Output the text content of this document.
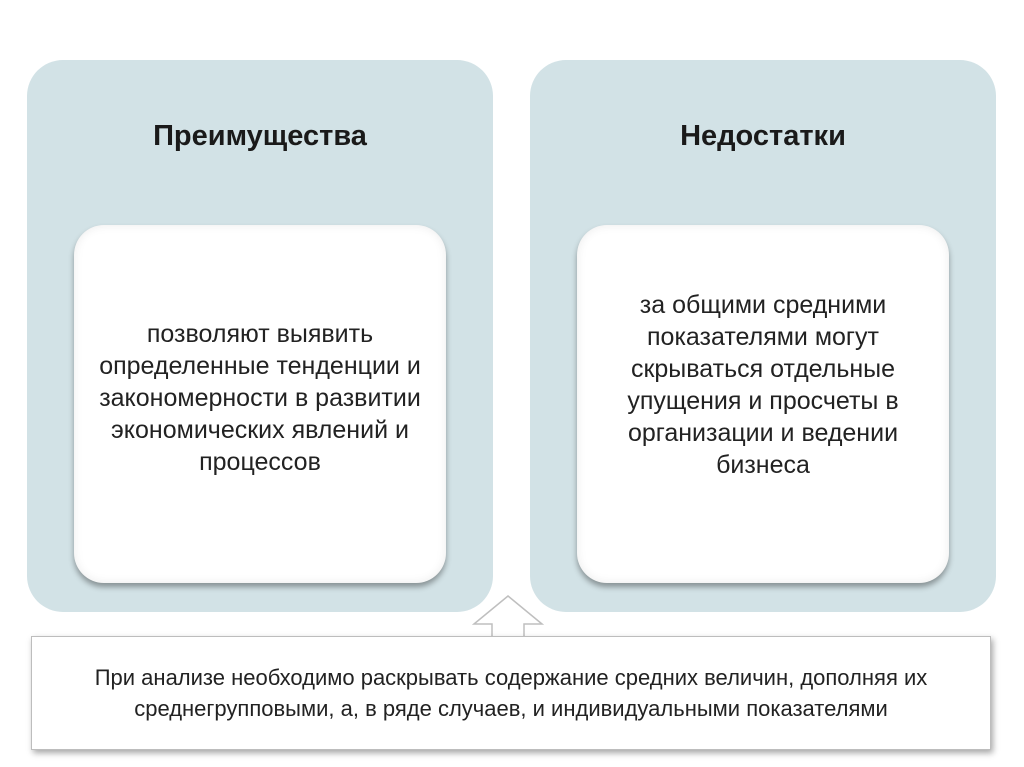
Преимущества
позволяют выявить определенные тенденции и закономерности в развитии экономических явлений и процессов
Недостатки
за общими средними показателями могут скрываться отдельные упущения и просчеты в организации и ведении бизнеса
При анализе необходимо раскрывать содержание средних величин, дополняя их среднегрупповыми, а, в ряде случаев, и индивидуальными показателями
